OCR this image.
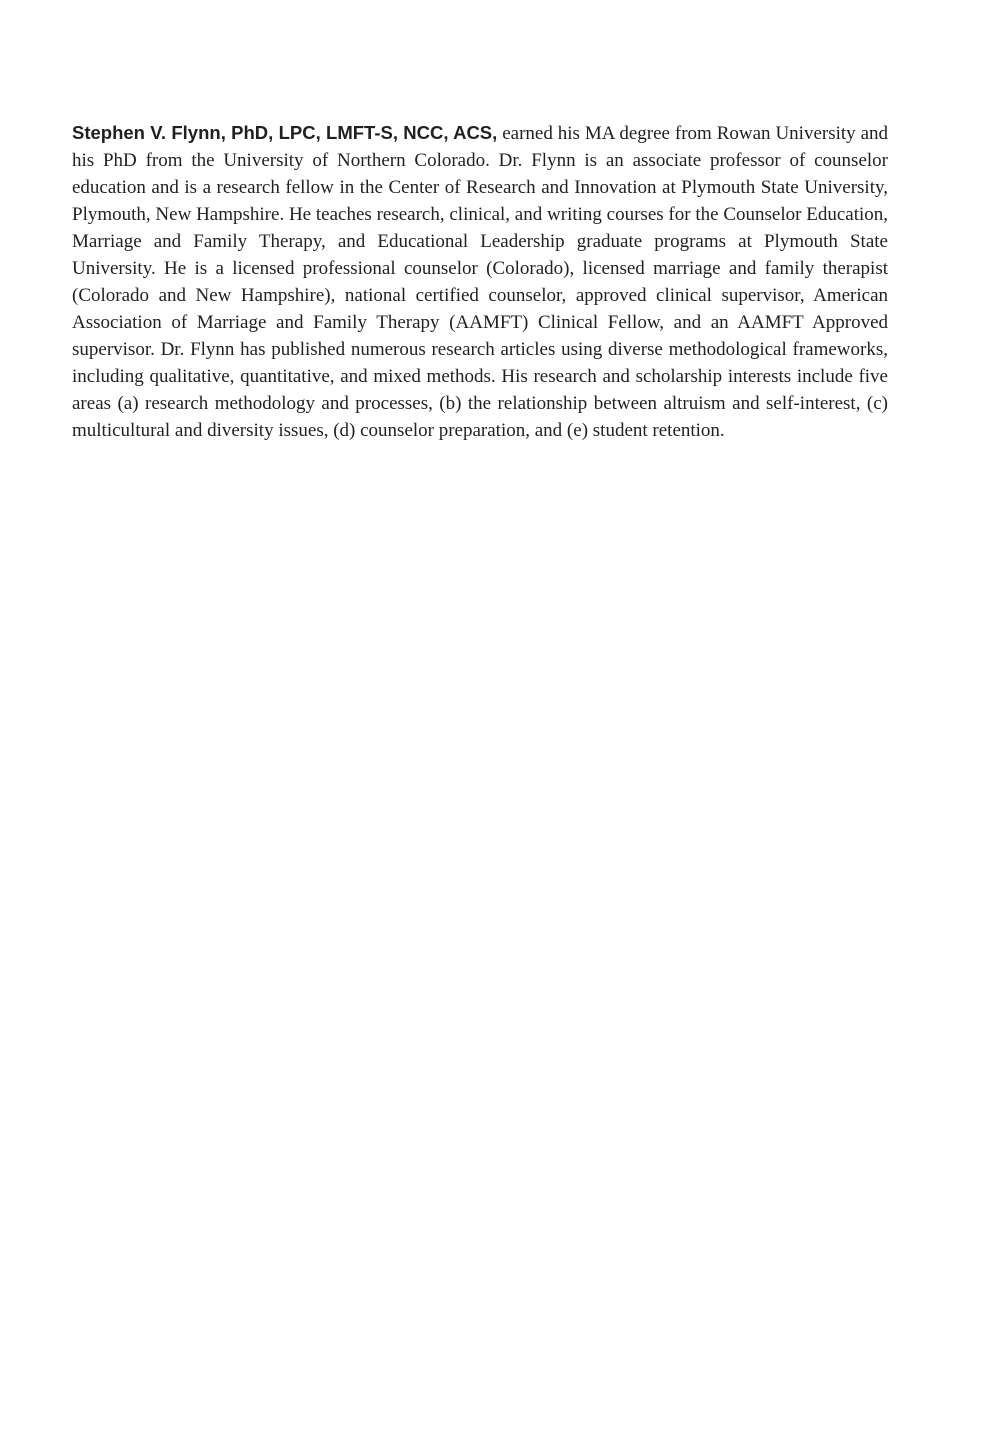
Stephen V. Flynn, PhD, LPC, LMFT-S, NCC, ACS, earned his MA degree from Rowan University and his PhD from the University of Northern Colorado. Dr. Flynn is an associate professor of counselor education and is a research fellow in the Center of Research and Innovation at Plymouth State University, Plymouth, New Hampshire. He teaches research, clinical, and writing courses for the Counselor Education, Marriage and Family Therapy, and Educational Leadership graduate programs at Plymouth State University. He is a licensed professional counselor (Colorado), licensed marriage and family therapist (Colorado and New Hampshire), national certified counselor, approved clinical supervisor, American Association of Marriage and Family Therapy (AAMFT) Clinical Fellow, and an AAMFT Approved supervisor. Dr. Flynn has published numerous research articles using diverse methodological frameworks, including qualitative, quantitative, and mixed methods. His research and scholarship interests include five areas (a) research methodology and processes, (b) the relationship between altruism and self-interest, (c) multicultural and diversity issues, (d) counselor preparation, and (e) student retention.
